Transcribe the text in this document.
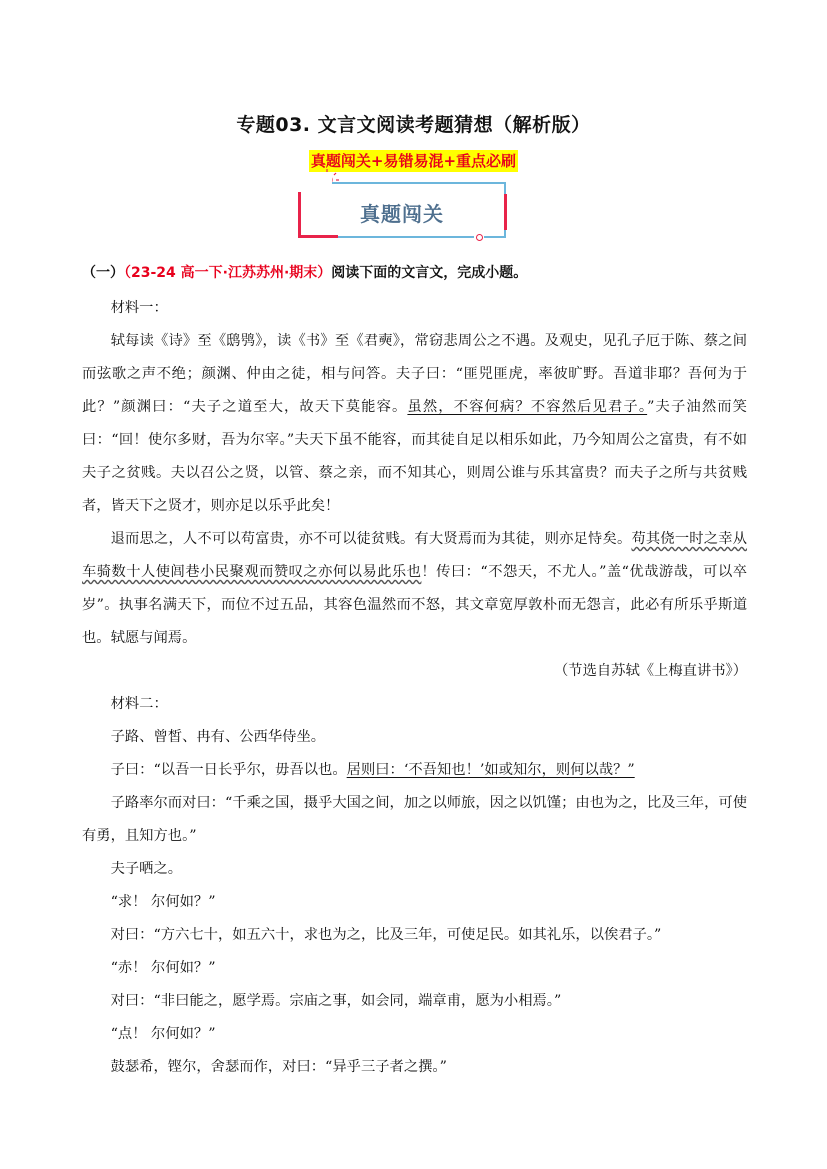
专题03. 文言文阅读考题猜想（解析版）
真题闯关+易错易混+重点必刷
真题闯关
（一）（23-24 高一下·江苏苏州·期末）阅读下面的文言文，完成小题。

材料一：

轼每读《诗》至《鸱鸮》，读《书》至《君奭》，常窃悲周公之不遇。及观史，见孔子厄于陈、蔡之间而弦歌之声不绝；颜渊、仲由之徒，相与问答。夫子曰：“匪兕匪虎，率彼旷野。吾道非耶？吾何为于此？”颜渊曰：“夫子之道至大，故天下莫能容。虽然，不容何病？不容然后见君子。”夫子油然而笑曰：“回！使尔多财，吾为尔宰。”夫天下虽不能容，而其徒自足以相乐如此，乃今知周公之富贵，有不如夫子之贫贱。夫以召公之贤，以管、蔡之亲，而不知其心，则周公谁与乐其富贵？而夫子之所与共贫贱者，皆天下之贤才，则亦足以乐乎此矣！

退而思之，人不可以苟富贵，亦不可以徒贫贱。有大贤焉而为其徒，则亦足恃矣。苟其侥一时之幸从车骑数十人使闾巷小民聚观而赞叹之亦何以易此乐也！传曰：“不怨天，不尤人。”盖“优哉游哉，可以卒岁”。执事名满天下，而位不过五品，其容色温然而不怒，其文章宽厚敦朴而无怨言，此必有所乐乎斯道也。轼愿与闻焉。

（节选自苏轼《上梅直讲书》）

材料二：

子路、曾皙、冉有、公西华侍坐。

子曰：“以吾一日长乎尔，毋吾以也。居则曰：‘不吾知也！’如或知尔，则何以哉？”

子路率尔而对曰：“千乘之国，摄乎大国之间，加之以师旅，因之以饥馑；由也为之，比及三年，可使有勇，且知方也。”

夫子哂之。

“求！ 尔何如？”

对曰：“方六七十，如五六十，求也为之，比及三年，可使足民。如其礼乐，以俟君子。”

“赤！ 尔何如？”

对曰：“非曰能之，愿学焉。宗庙之事，如会同，端章甫，愿为小相焉。”

“点！ 尔何如？”

鼓瑟希，铿尔，舍瑟而作，对曰：“异乎三子者之撰。”
